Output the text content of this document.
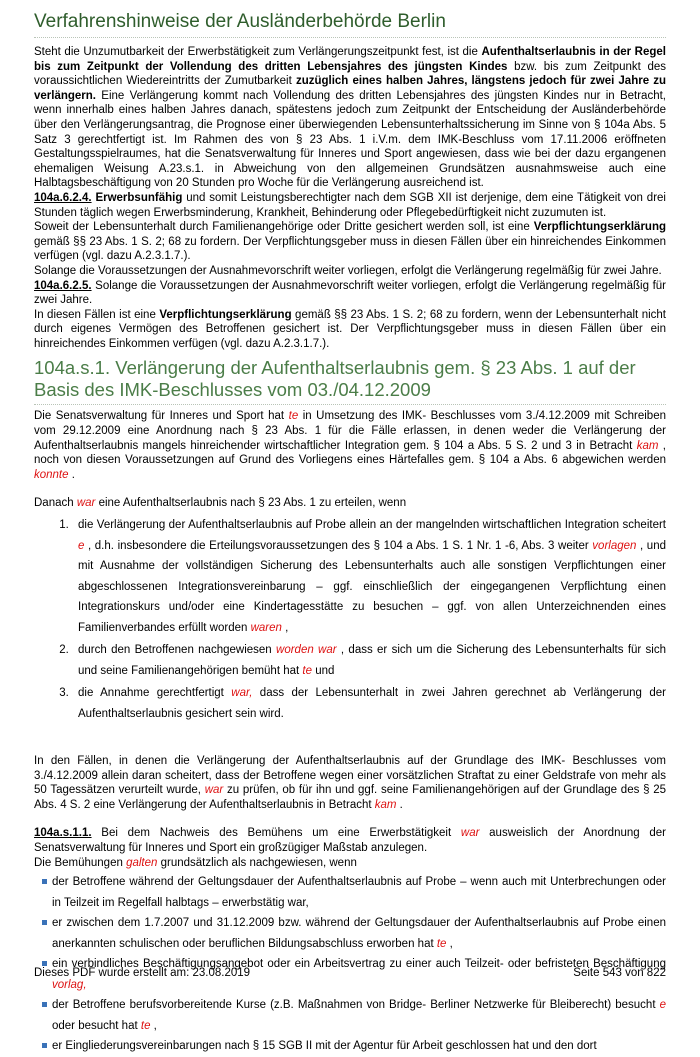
Verfahrenshinweise der Ausländerbehörde Berlin

Steht die Unzumutbarkeit der Erwerbstätigkeit zum Verlängerungszeitpunkt fest, ist die Aufenthaltserlaubnis in der Regel bis zum Zeitpunkt der Vollendung des dritten Lebensjahres des jüngsten Kindes bzw. bis zum Zeitpunkt des voraussichtlichen Wiedereintritts der Zumutbarkeit zuzüglich eines halben Jahres, längstens jedoch für zwei Jahre zu verlängern. Eine Verlängerung kommt nach Vollendung des dritten Lebensjahres des jüngsten Kindes nur in Betracht, wenn innerhalb eines halben Jahres danach, spätestens jedoch zum Zeitpunkt der Entscheidung der Ausländerbehörde über den Verlängerungsantrag, die Prognose einer überwiegenden Lebensunterhaltssicherung im Sinne von § 104a Abs. 5 Satz 3 gerechtfertigt ist. Im Rahmen des von § 23 Abs. 1 i.V.m. dem IMK-Beschluss vom 17.11.2006 eröffneten Gestaltungsspielraumes, hat die Senatsverwaltung für Inneres und Sport angewiesen, dass wie bei der dazu ergangenen ehemaligen Weisung A.23.s.1. in Abweichung von den allgemeinen Grundsätzen ausnahmsweise auch eine Halbtagsbeschäftigung von 20 Stunden pro Woche für die Verlängerung ausreichend ist.

104a.6.2.4. Erwerbsunfähig und somit Leistungsberechtigter nach dem SGB XII ist derjenige, dem eine Tätigkeit von drei Stunden täglich wegen Erwerbsminderung, Krankheit, Behinderung oder Pflegebedürftigkeit nicht zuzumuten ist.

Soweit der Lebensunterhalt durch Familienangehörige oder Dritte gesichert werden soll, ist eine Verpflichtungserklärung gemäß §§ 23 Abs. 1 S. 2; 68 zu fordern. Der Verpflichtungsgeber muss in diesen Fällen über ein hinreichendes Einkommen verfügen (vgl. dazu A.2.3.1.7.).

Solange die Voraussetzungen der Ausnahmevorschrift weiter vorliegen, erfolgt die Verlängerung regelmäßig für zwei Jahre.

104a.6.2.5. Solange die Voraussetzungen der Ausnahmevorschrift weiter vorliegen, erfolgt die Verlängerung regelmäßig für zwei Jahre.

In diesen Fällen ist eine Verpflichtungserklärung gemäß §§ 23 Abs. 1 S. 2; 68 zu fordern, wenn der Lebensunterhalt nicht durch eigenes Vermögen des Betroffenen gesichert ist. Der Verpflichtungsgeber muss in diesen Fällen über ein hinreichendes Einkommen verfügen (vgl. dazu A.2.3.1.7.).

104a.s.1. Verlängerung der Aufenthaltserlaubnis gem. § 23 Abs. 1 auf der Basis des IMK-Beschlusses vom 03./04.12.2009

Die Senatsverwaltung für Inneres und Sport hat te in Umsetzung des IMK- Beschlusses vom 3./4.12.2009 mit Schreiben vom 29.12.2009 eine Anordnung nach § 23 Abs. 1 für die Fälle erlassen, in denen weder die Verlängerung der Aufenthaltserlaubnis mangels hinreichender wirtschaftlicher Integration gem. § 104 a Abs. 5 S. 2 und 3 in Betracht kam , noch von diesen Voraussetzungen auf Grund des Vorliegens eines Härtefalles gem. § 104 a Abs. 6 abgewichen werden konnte .

Danach war eine Aufenthaltserlaubnis nach § 23 Abs. 1 zu erteilen, wenn

1. die Verlängerung der Aufenthaltserlaubnis auf Probe allein an der mangelnden wirtschaftlichen Integration scheitert e , d.h. insbesondere die Erteilungsvoraussetzungen des § 104 a Abs. 1 S. 1 Nr. 1 -6, Abs. 3 weiter vorlagen , und mit Ausnahme der vollständigen Sicherung des Lebensunterhalts auch alle sonstigen Verpflichtungen einer abgeschlossenen Integrationsvereinbarung – ggf. einschließlich der eingegangenen Verpflichtung einen Integrationskurs und/oder eine Kindertagesstätte zu besuchen – ggf. von allen Unterzeichnenden eines Familienverbandes erfüllt worden waren ,
2. durch den Betroffenen nachgewiesen worden war , dass er sich um die Sicherung des Lebensunterhalts für sich und seine Familienangehörigen bemüht hat te und
3. die Annahme gerechtfertigt war, dass der Lebensunterhalt in zwei Jahren gerechnet ab Verlängerung der Aufenthaltserlaubnis gesichert sein wird.

In den Fällen, in denen die Verlängerung der Aufenthaltserlaubnis auf der Grundlage des IMK- Beschlusses vom 3./4.12.2009 allein daran scheitert, dass der Betroffene wegen einer vorsätzlichen Straftat zu einer Geldstrafe von mehr als 50 Tagessätzen verurteilt wurde, war zu prüfen, ob für ihn und ggf. seine Familienangehörigen auf der Grundlage des § 25 Abs. 4 S. 2 eine Verlängerung der Aufenthaltserlaubnis in Betracht kam .

104a.s.1.1. Bei dem Nachweis des Bemühens um eine Erwerbstätigkeit war ausweislich der Anordnung der Senatsverwaltung für Inneres und Sport ein großzügiger Maßstab anzulegen.

Die Bemühungen galten grundsätzlich als nachgewiesen, wenn

der Betroffene während der Geltungsdauer der Aufenthaltserlaubnis auf Probe – wenn auch mit Unterbrechungen oder in Teilzeit im Regelfall halbtags – erwerbstätig war,
er zwischen dem 1.7.2007 und 31.12.2009 bzw. während der Geltungsdauer der Aufenthaltserlaubnis auf Probe einen anerkannten schulischen oder beruflichen Bildungsabschluss erworben hat te ,
ein verbindliches Beschäftigungsangebot oder ein Arbeitsvertrag zu einer auch Teilzeit- oder befristeten Beschäftigung vorlag,
der Betroffene berufsvorbereitende Kurse (z.B. Maßnahmen von Bridge- Berliner Netzwerke für Bleiberecht) besucht e oder besucht hat te ,
er Eingliederungsvereinbarungen nach § 15 SGB II mit der Agentur für Arbeit geschlossen hat und den dort
Dieses PDF wurde erstellt am: 23.08.2019	Seite 543 von 822
